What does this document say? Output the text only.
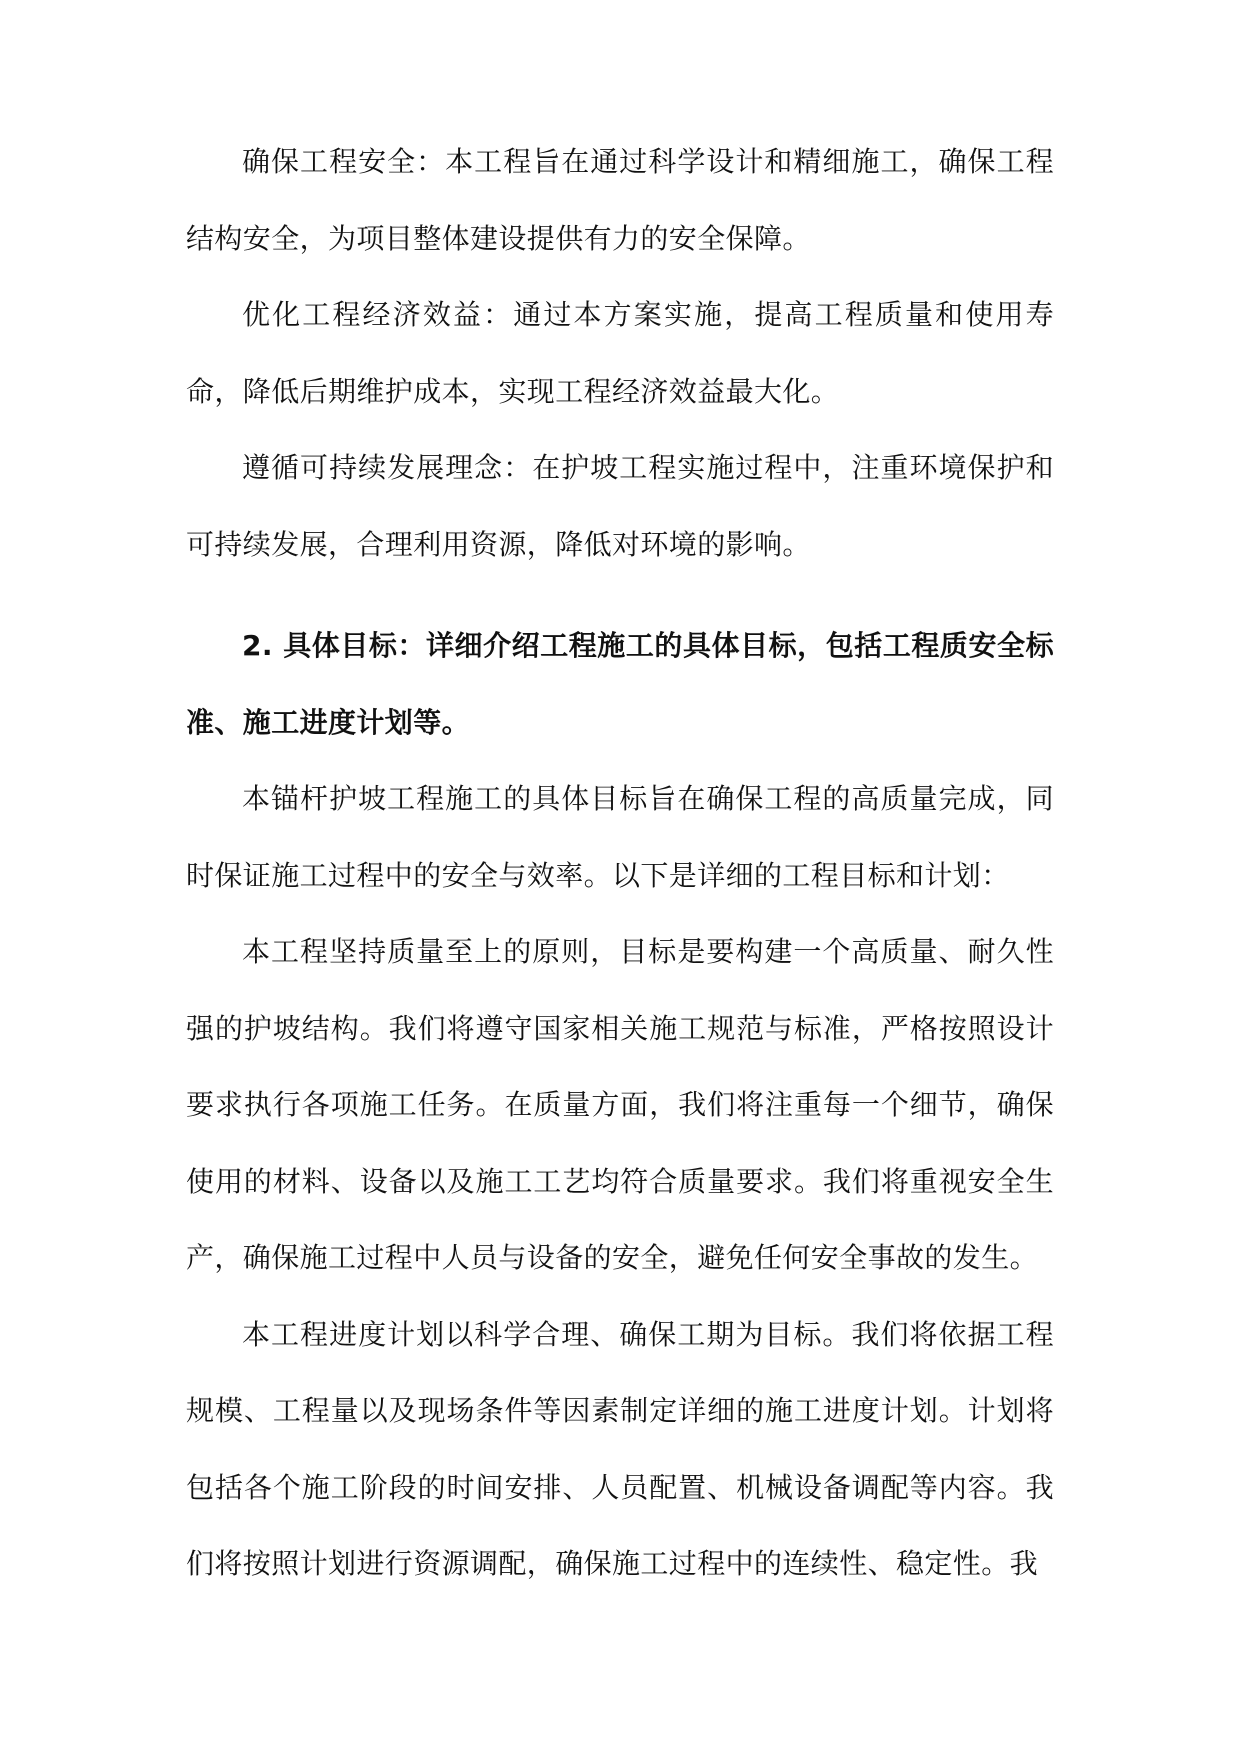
确保工程安全：本工程旨在通过科学设计和精细施工，确保工程结构安全，为项目整体建设提供有力的安全保障。

优化工程经济效益：通过本方案实施，提高工程质量和使用寿命，降低后期维护成本，实现工程经济效益最大化。

遵循可持续发展理念：在护坡工程实施过程中，注重环境保护和可持续发展，合理利用资源，降低对环境的影响。

2. 具体目标：详细介绍工程施工的具体目标，包括工程质安全标准、施工进度计划等。

本锚杆护坡工程施工的具体目标旨在确保工程的高质量完成，同时保证施工过程中的安全与效率。以下是详细的工程目标和计划：

本工程坚持质量至上的原则，目标是要构建一个高质量、耐久性强的护坡结构。我们将遵守国家相关施工规范与标准，严格按照设计要求执行各项施工任务。在质量方面，我们将注重每一个细节，确保使用的材料、设备以及施工工艺均符合质量要求。我们将重视安全生产，确保施工过程中人员与设备的安全，避免任何安全事故的发生。

本工程进度计划以科学合理、确保工期为目标。我们将依据工程规模、工程量以及现场条件等因素制定详细的施工进度计划。计划将包括各个施工阶段的时间安排、人员配置、机械设备调配等内容。我们将按照计划进行资源调配，确保施工过程中的连续性、稳定性。我
